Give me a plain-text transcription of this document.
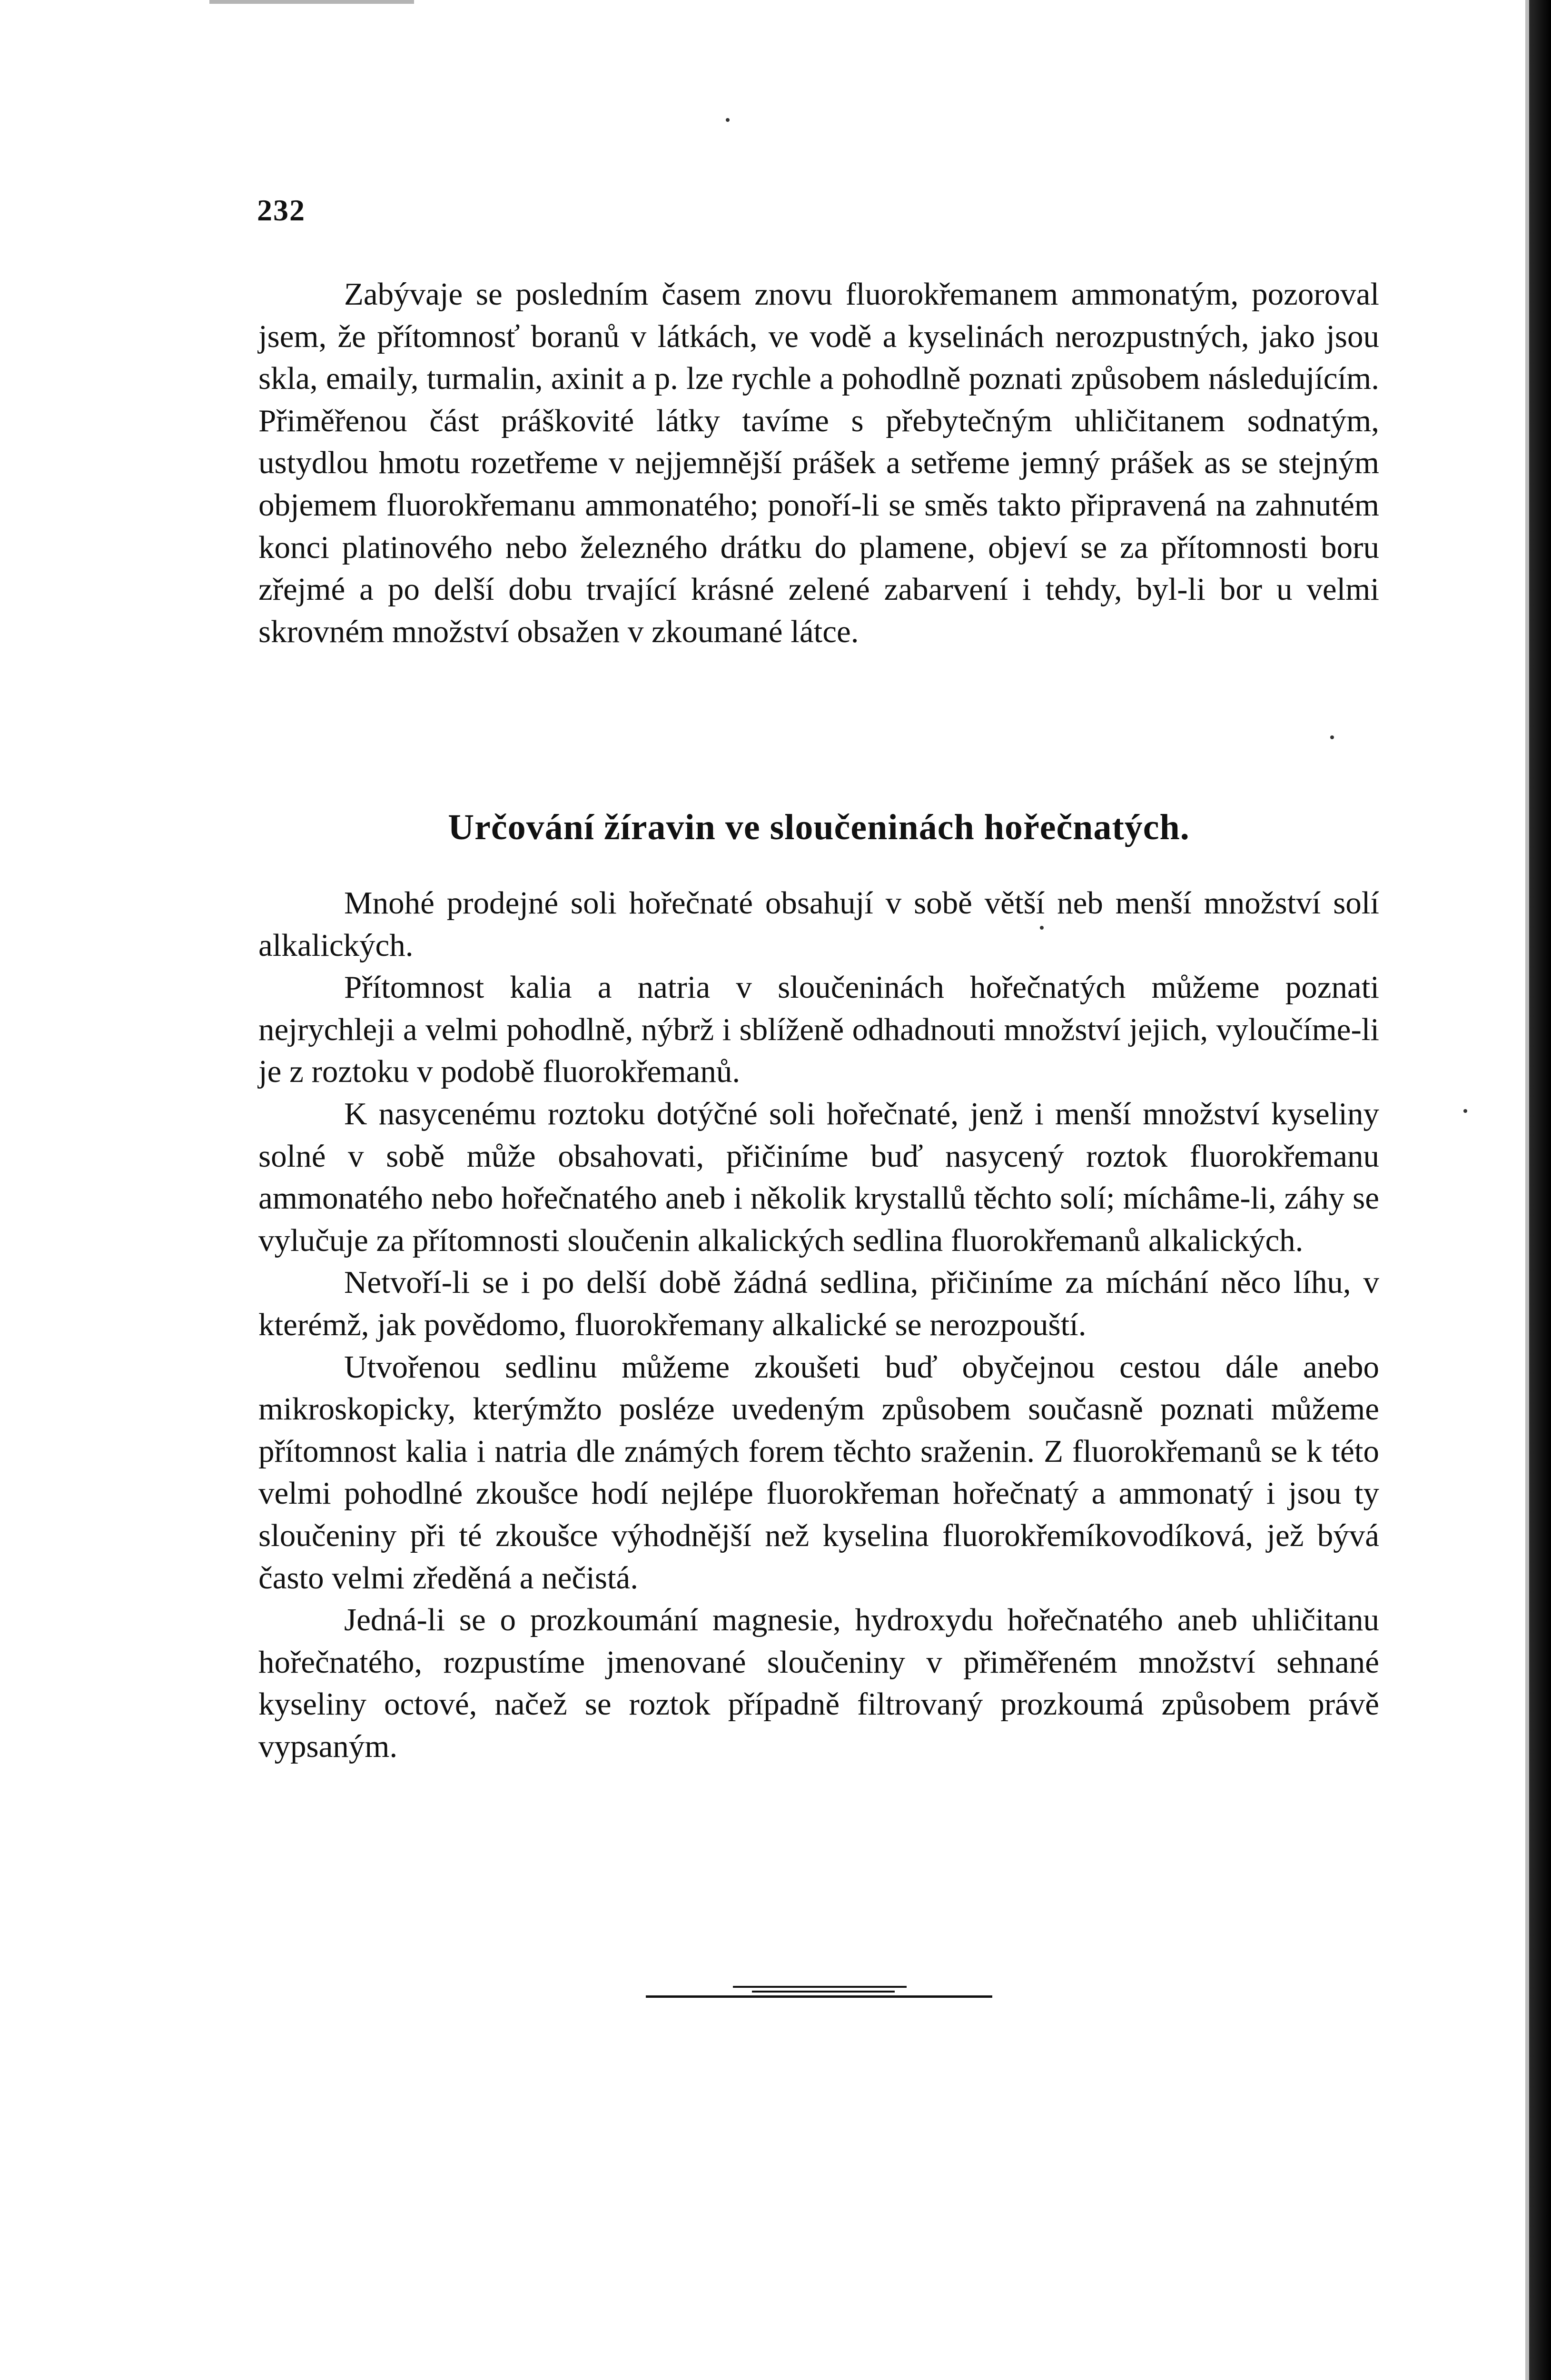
232

Zabývaje se posledním časem znovu fluorokřemanem ammonatým, pozoroval jsem, že přítomnosť boranů v látkách, ve vodě a kyselinách nerozpustných, jako jsou skla, emaily, turmalin, axinit a p. lze rychle a pohodlně poznati způsobem následujícím. Přiměřenou část práškovité látky tavíme s přebytečným uhličitanem sodnatým, ustydlou hmotu rozetřeme v nejjemnější prášek a setřeme jemný prášek as se stejným objemem fluorokřemanu ammonatého; ponoří-li se směs takto připravená na zahnutém konci platinového nebo železného drátku do plamene, objeví se za přítomnosti boru zřejmé a po delší dobu trvající krásné zelené zabarvení i tehdy, byl-li bor u velmi skrovném množství obsažen v zkoumané látce.

Určování žíravin ve sloučeninách hořečnatých.

Mnohé prodejné soli hořečnaté obsahují v sobě větší neb menší množství solí alkalických.

Přítomnost kalia a natria v sloučeninách hořečnatých můžeme poznati nejrychleji a velmi pohodlně, nýbrž i sblíženě odhadnouti množství jejich, vyloučíme-li je z roztoku v podobě fluorokřemanů.

K nasycenému roztoku dotýčné soli hořečnaté, jenž i menší množství kyseliny solné v sobě může obsahovati, přičiníme buď nasycený roztok fluorokřemanu ammonatého nebo hořečnatého aneb i několik krystallů těchto solí; míchâme-li, záhy se vylučuje za přítomnosti sloučenin alkalických sedlina fluorokřemanů alkalických.

Netvoří-li se i po delší době žádná sedlina, přičiníme za míchání něco líhu, v kterémž, jak povědomo, fluorokřemany alkalické se nerozpouští.

Utvořenou sedlinu můžeme zkoušeti buď obyčejnou cestou dále anebo mikroskopicky, kterýmžto posléze uvedeným způsobem současně poznati můžeme přítomnost kalia i natria dle známých forem těchto sraženin. Z fluorokřemanů se k této velmi pohodlné zkoušce hodí nejlépe fluorokřeman hořečnatý a ammonatý i jsou ty sloučeniny při té zkoušce výhodnější než kyselina fluorokřemíkovodíková, jež bývá často velmi zředěná a nečistá.

Jedná-li se o prozkoumání magnesie, hydroxydu hořečnatého aneb uhličitanu hořečnatého, rozpustíme jmenované sloučeniny v přiměřeném množství sehnané kyseliny octové, načež se roztok případně filtrovaný prozkoumá způsobem právě vypsaným.
